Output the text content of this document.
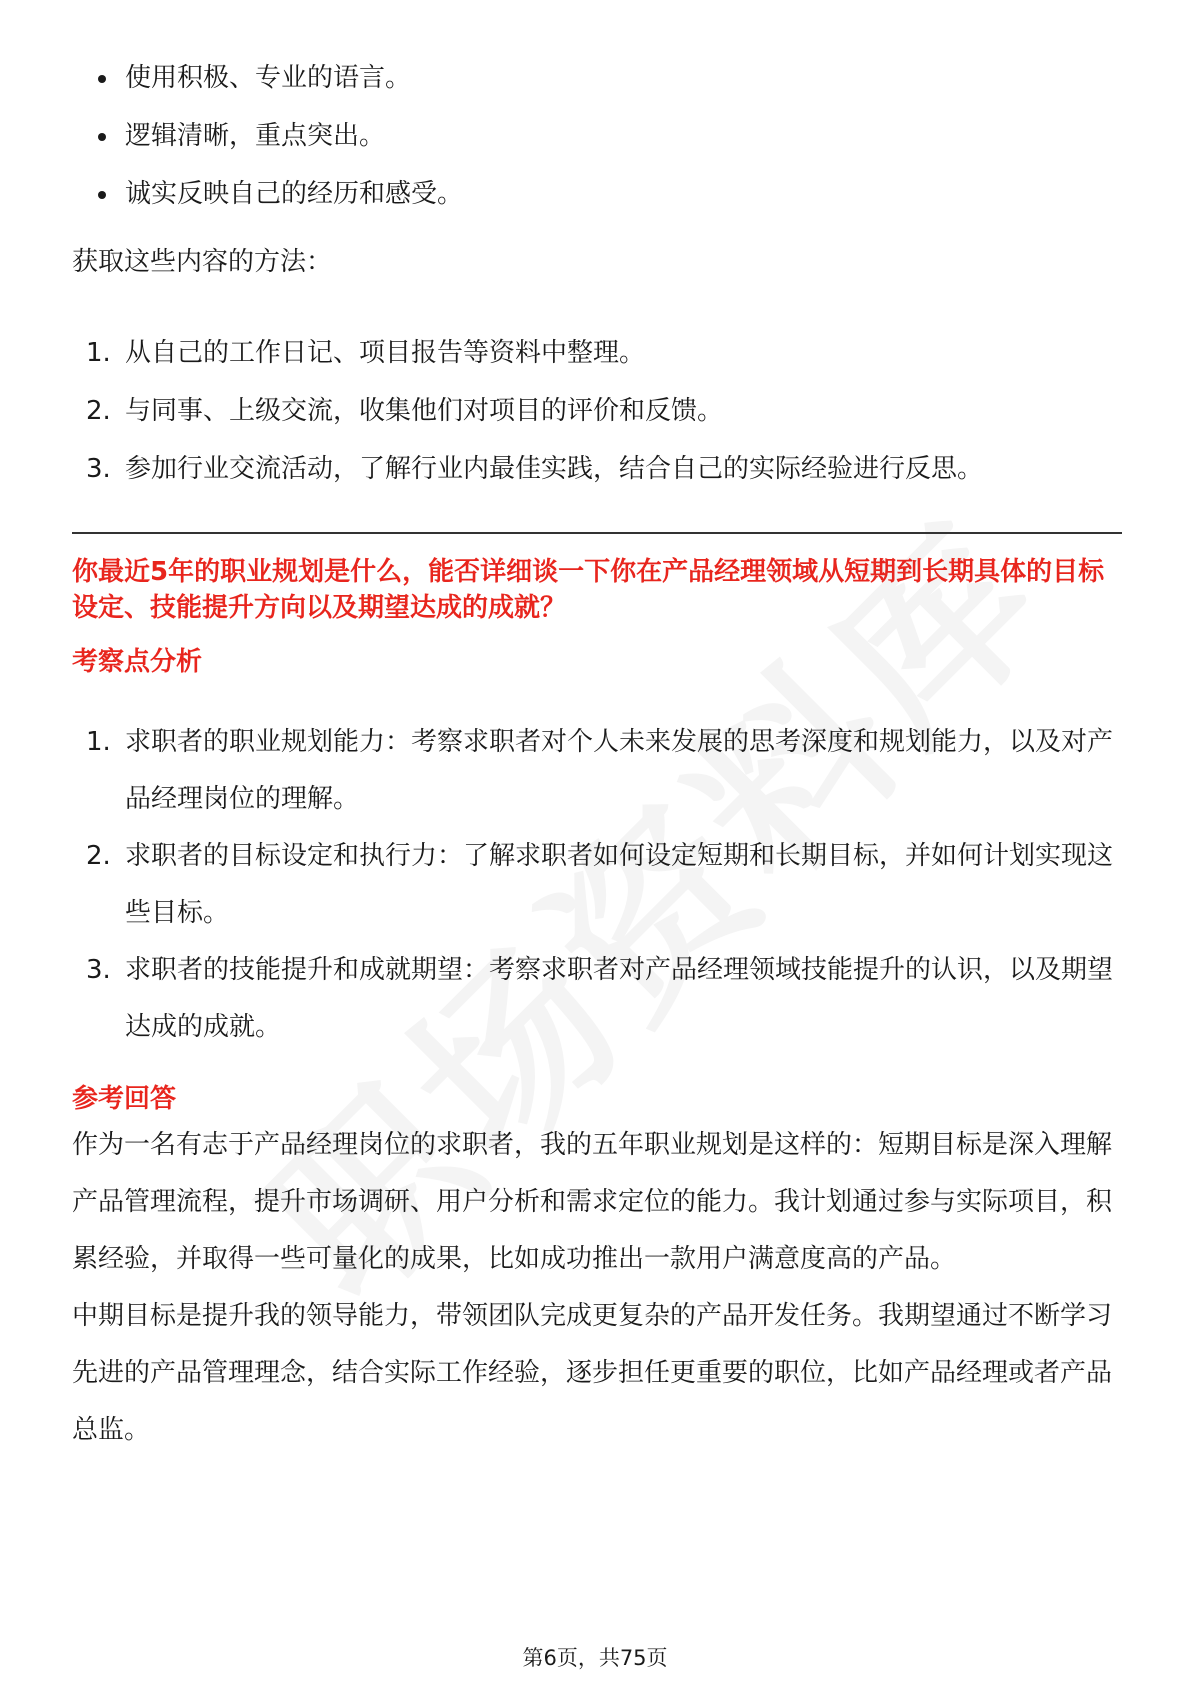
使用积极、专业的语言。
逻辑清晰，重点突出。
诚实反映自己的经历和感受。

获取这些内容的方法：

1. 从自己的工作日记、项目报告等资料中整理。
2. 与同事、上级交流，收集他们对项目的评价和反馈。
3. 参加行业交流活动，了解行业内最佳实践，结合自己的实际经验进行反思。
你最近5年的职业规划是什么，能否详细谈一下你在产品经理领域从短期到长期具体的目标设定、技能提升方向以及期望达成的成就？
考察点分析
1. 求职者的职业规划能力：考察求职者对个人未来发展的思考深度和规划能力，以及对产品经理岗位的理解。
2. 求职者的目标设定和执行力：了解求职者如何设定短期和长期目标，并如何计划实现这些目标。
3. 求职者的技能提升和成就期望：考察求职者对产品经理领域技能提升的认识，以及期望达成的成就。
参考回答

作为一名有志于产品经理岗位的求职者，我的五年职业规划是这样的：短期目标是深入理解产品管理流程，提升市场调研、用户分析和需求定位的能力。我计划通过参与实际项目，积累经验，并取得一些可量化的成果，比如成功推出一款用户满意度高的产品。

中期目标是提升我的领导能力，带领团队完成更复杂的产品开发任务。我期望通过不断学习先进的产品管理理念，结合实际工作经验，逐步担任更重要的职位，比如产品经理或者产品总监。

第6页，共75页
